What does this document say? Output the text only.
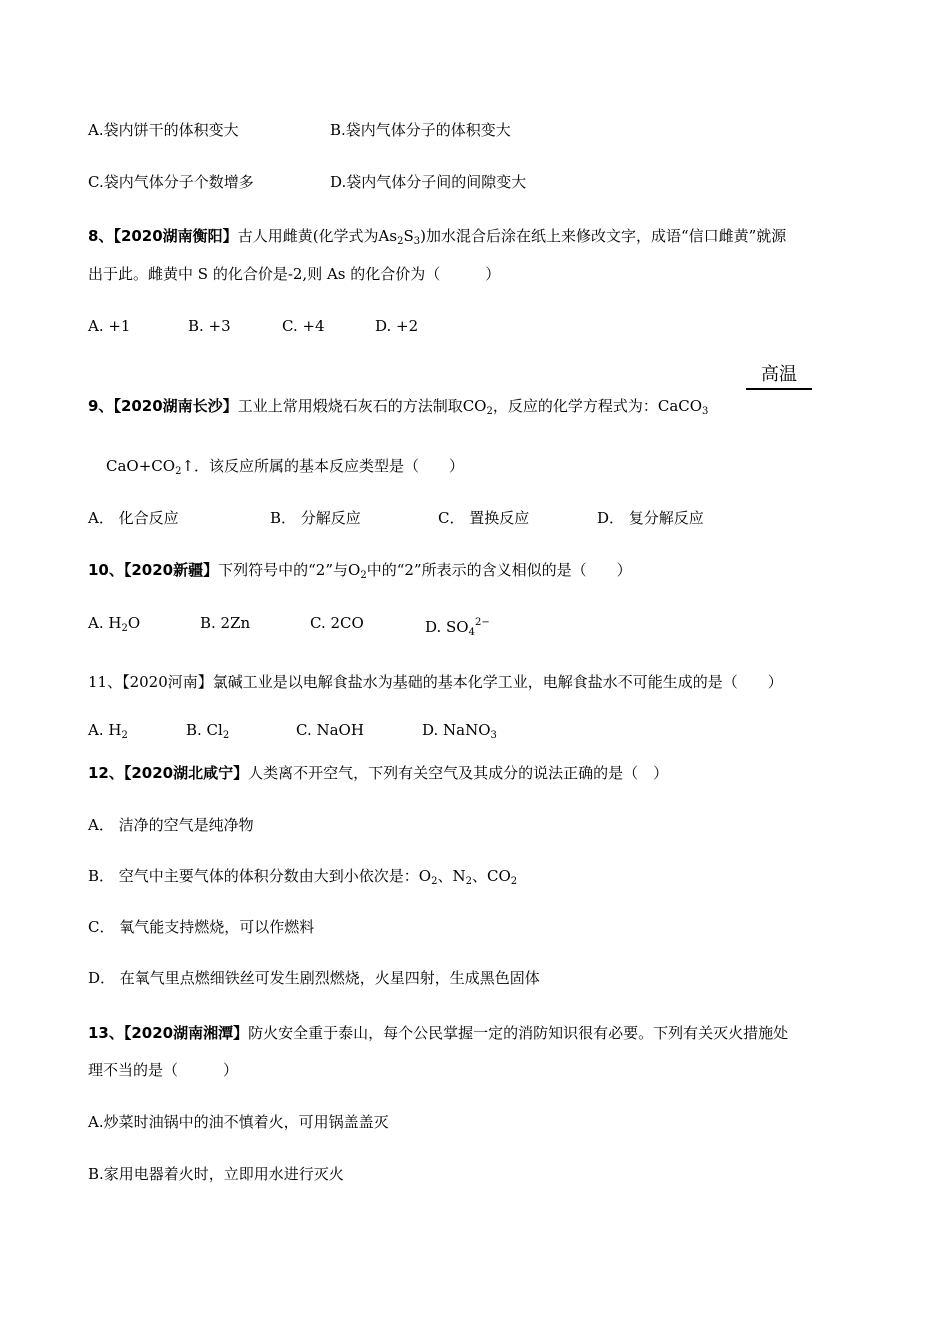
A.袋内饼干的体积变大	B.袋内气体分子的体积变大
C.袋内气体分子个数增多	D.袋内气体分子间的间隙变大
8、【2020湖南衡阳】古人用雌黄(化学式为$As_2S_3$)加水混合后涂在纸上来修改文字，成语“信口雌黄”就源
出于此。雌黄中 S 的化合价是-2,则 As 的化合价为（　　　）
A. +1	B. +3	C. +4	D. +2
高温
9、【2020湖南长沙】工业上常用煅烧石灰石的方法制取$CO_2$，反应的化学方程式为：CaCO$_3$
$CaO+CO_2↑$．该反应所属的基本反应类型是（　　）
A． 化合反应	B． 分解反应	C． 置换反应	D． 复分解反应
10、【2020新疆】下列符号中的“2”与$O_2$中的“2”所表示的含义相似的是（　　）
A. $H_2O$	B. 2Zn	C. 2CO	D. $SO_4^{2-}$
11、【2020河南】氯碱工业是以电解食盐水为基础的基本化学工业，电解食盐水不可能生成的是（　　）
A. $H_2$	B. $Cl_2$	C. NaOH	D. NaNO$_3$
12、【2020湖北咸宁】人类离不开空气，下列有关空气及其成分的说法正确的是（　）
A． 洁净的空气是纯净物
B． 空气中主要气体的体积分数由大到小依次是：$O_2$、$N_2$、$CO_2$
C． 氧气能支持燃烧，可以作燃料
D． 在氧气里点燃细铁丝可发生剧烈燃烧，火星四射，生成黑色固体
13、【2020湖南湘潭】防火安全重于泰山，每个公民掌握一定的消防知识很有必要。下列有关灭火措施处
理不当的是（　　　）
A.炒菜时油锅中的油不慎着火，可用锅盖盖灭
B.家用电器着火时，立即用水进行灭火
